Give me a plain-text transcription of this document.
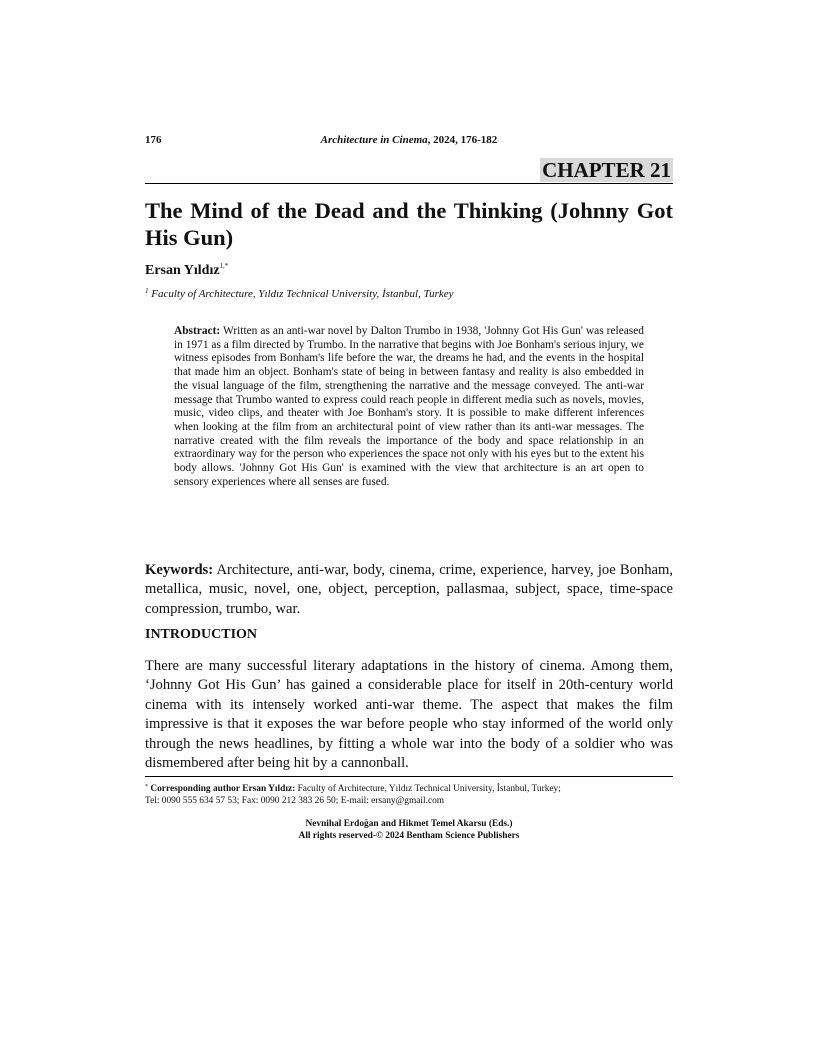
176	Architecture in Cinema, 2024, 176-182
CHAPTER 21
The Mind of the Dead and the Thinking (Johnny Got His Gun)
Ersan Yıldız$^{1,*}$
$^1$ Faculty of Architecture, Yıldız Technical University, İstanbul, Turkey

Abstract: Written as an anti-war novel by Dalton Trumbo in 1938, 'Johnny Got His Gun' was released in 1971 as a film directed by Trumbo. In the narrative that begins with Joe Bonham's serious injury, we witness episodes from Bonham's life before the war, the dreams he had, and the events in the hospital that made him an object. Bonham's state of being in between fantasy and reality is also embedded in the visual language of the film, strengthening the narrative and the message conveyed. The anti-war message that Trumbo wanted to express could reach people in different media such as novels, movies, music, video clips, and theater with Joe Bonham's story. It is possible to make different inferences when looking at the film from an architectural point of view rather than its anti-war messages. The narrative created with the film reveals the importance of the body and space relationship in an extraordinary way for the person who experiences the space not only with his eyes but to the extent his body allows. 'Johnny Got His Gun' is examined with the view that architecture is an art open to sensory experiences where all senses are fused.

Keywords: Architecture, anti-war, body, cinema, crime, experience, harvey, joe Bonham, metallica, music, novel, one, object, perception, pallasmaa, subject, space, time-space compression, trumbo, war.

INTRODUCTION

There are many successful literary adaptations in the history of cinema. Among them, ‘Johnny Got His Gun’ has gained a considerable place for itself in 20th-century world cinema with its intensely worked anti-war theme. The aspect that makes the film impressive is that it exposes the war before people who stay informed of the world only through the news headlines, by fitting a whole war into the body of a soldier who was dismembered after being hit by a cannonball.

* Corresponding author Ersan Yıldız: Faculty of Architecture, Yıldız Technical University, İstanbul, Turkey;
Tel: 0090 555 634 57 53; Fax: 0090 212 383 26 50; E-mail: ersany@gmail.com
Nevnihal Erdoğan and Hikmet Temel Akarsu (Eds.)
All rights reserved-© 2024 Bentham Science Publishers
